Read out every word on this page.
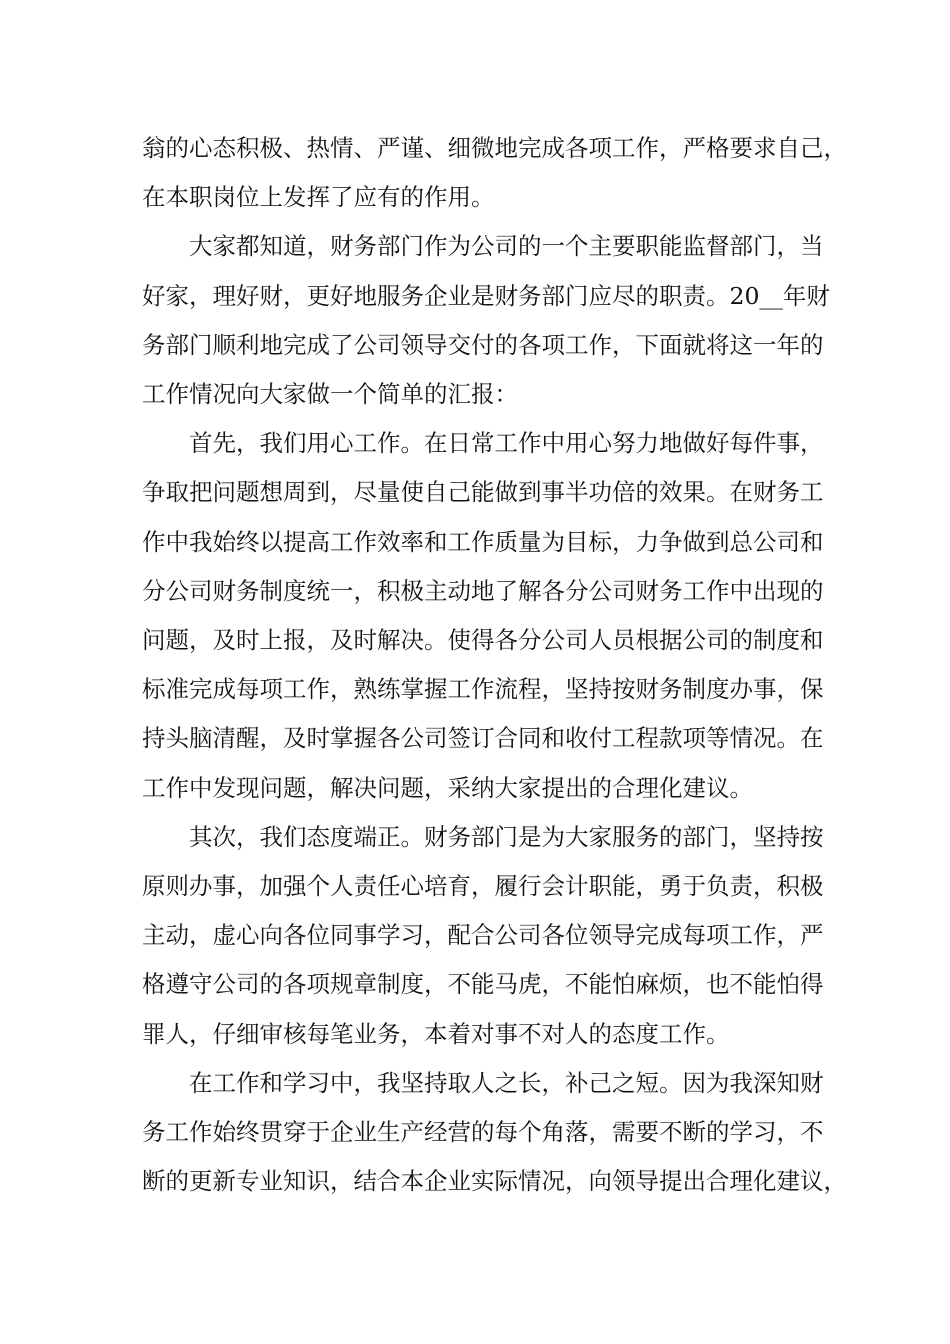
翁的心态积极、热情、严谨、细微地完成各项工作，严格要求自己，
在本职岗位上发挥了应有的作用。

大家都知道，财务部门作为公司的一个主要职能监督部门，当
好家，理好财，更好地服务企业是财务部门应尽的职责。20__年财
务部门顺利地完成了公司领导交付的各项工作，下面就将这一年的
工作情况向大家做一个简单的汇报：

首先，我们用心工作。在日常工作中用心努力地做好每件事，
争取把问题想周到，尽量使自己能做到事半功倍的效果。在财务工
作中我始终以提高工作效率和工作质量为目标，力争做到总公司和
分公司财务制度统一，积极主动地了解各分公司财务工作中出现的
问题，及时上报，及时解决。使得各分公司人员根据公司的制度和
标准完成每项工作，熟练掌握工作流程，坚持按财务制度办事，保
持头脑清醒，及时掌握各公司签订合同和收付工程款项等情况。在
工作中发现问题，解决问题，采纳大家提出的合理化建议。

其次，我们态度端正。财务部门是为大家服务的部门，坚持按
原则办事，加强个人责任心培育，履行会计职能，勇于负责，积极
主动，虚心向各位同事学习，配合公司各位领导完成每项工作，严
格遵守公司的各项规章制度，不能马虎，不能怕麻烦，也不能怕得
罪人，仔细审核每笔业务，本着对事不对人的态度工作。

在工作和学习中，我坚持取人之长，补己之短。因为我深知财
务工作始终贯穿于企业生产经营的每个角落，需要不断的学习，不
断的更新专业知识，结合本企业实际情况，向领导提出合理化建议，
